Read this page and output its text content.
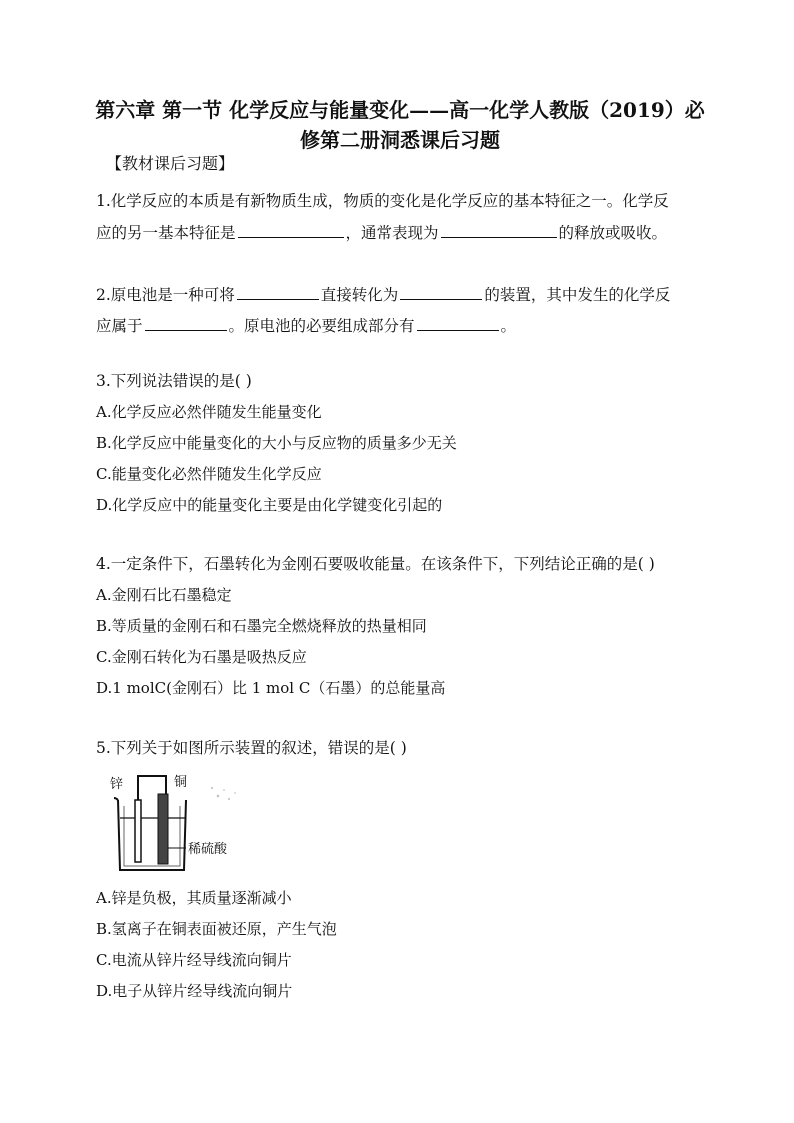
第六章 第一节 化学反应与能量变化——高一化学人教版（2019）必
修第二册洞悉课后习题
【教材课后习题】
1.化学反应的本质是有新物质生成，物质的变化是化学反应的基本特征之一。化学反
应的另一基本特征是	，通常表现为	的释放或吸收。
2.原电池是一种可将	直接转化为	的装置，其中发生的化学反
应属于	。原电池的必要组成部分有	。
3.下列说法错误的是( )
A.化学反应必然伴随发生能量变化
B.化学反应中能量变化的大小与反应物的质量多少无关
C.能量变化必然伴随发生化学反应
D.化学反应中的能量变化主要是由化学键变化引起的
4.一定条件下，石墨转化为金刚石要吸收能量。在该条件下，下列结论正确的是( )
A.金刚石比石墨稳定
B.等质量的金刚石和石墨完全燃烧释放的热量相同
C.金刚石转化为石墨是吸热反应
D.1 molC(金刚石）比 1 mol C（石墨）的总能量高
5.下列关于如图所示装置的叙述，错误的是( )
锌	铜
稀硫酸
A.锌是负极，其质量逐渐减小
B.氢离子在铜表面被还原，产生气泡
C.电流从锌片经导线流向铜片
D.电子从锌片经导线流向铜片
